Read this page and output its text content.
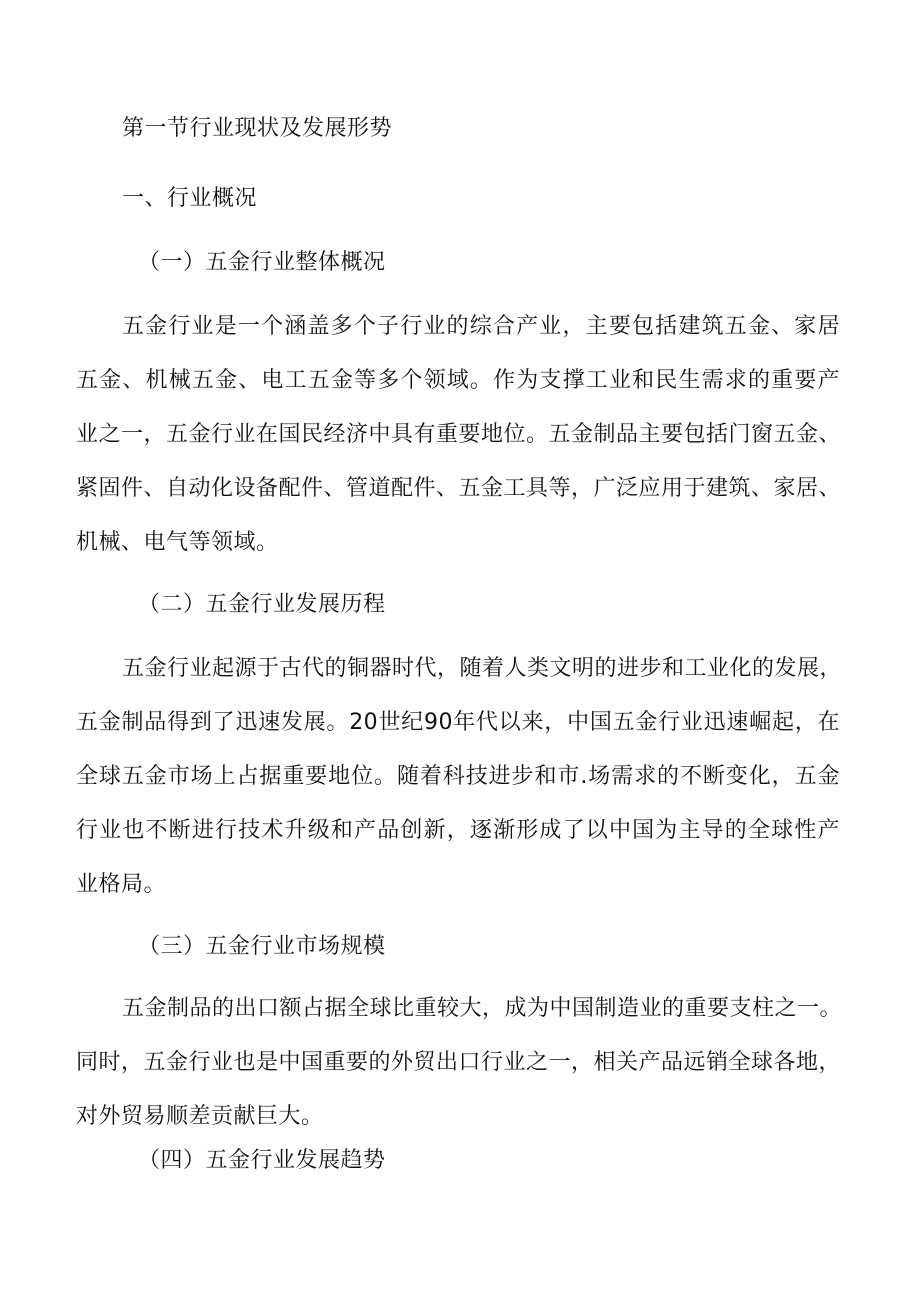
第一节行业现状及发展形势
一、行业概况
（一）五金行业整体概况
五金行业是一个涵盖多个子行业的综合产业，主要包括建筑五金、家居
五金、机械五金、电工五金等多个领域。作为支撑工业和民生需求的重要产
业之一，五金行业在国民经济中具有重要地位。五金制品主要包括门窗五金、
紧固件、自动化设备配件、管道配件、五金工具等，广泛应用于建筑、家居、
机械、电气等领域。
（二）五金行业发展历程
五金行业起源于古代的铜器时代，随着人类文明的进步和工业化的发展，
五金制品得到了迅速发展。20世纪90年代以来，中国五金行业迅速崛起，在
全球五金市场上占据重要地位。随着科技进步和市.场需求的不断变化，五金
行业也不断进行技术升级和产品创新，逐渐形成了以中国为主导的全球性产
业格局。
（三）五金行业市场规模
五金制品的出口额占据全球比重较大，成为中国制造业的重要支柱之一。
同时，五金行业也是中国重要的外贸出口行业之一，相关产品远销全球各地，
对外贸易顺差贡献巨大。
（四）五金行业发展趋势
